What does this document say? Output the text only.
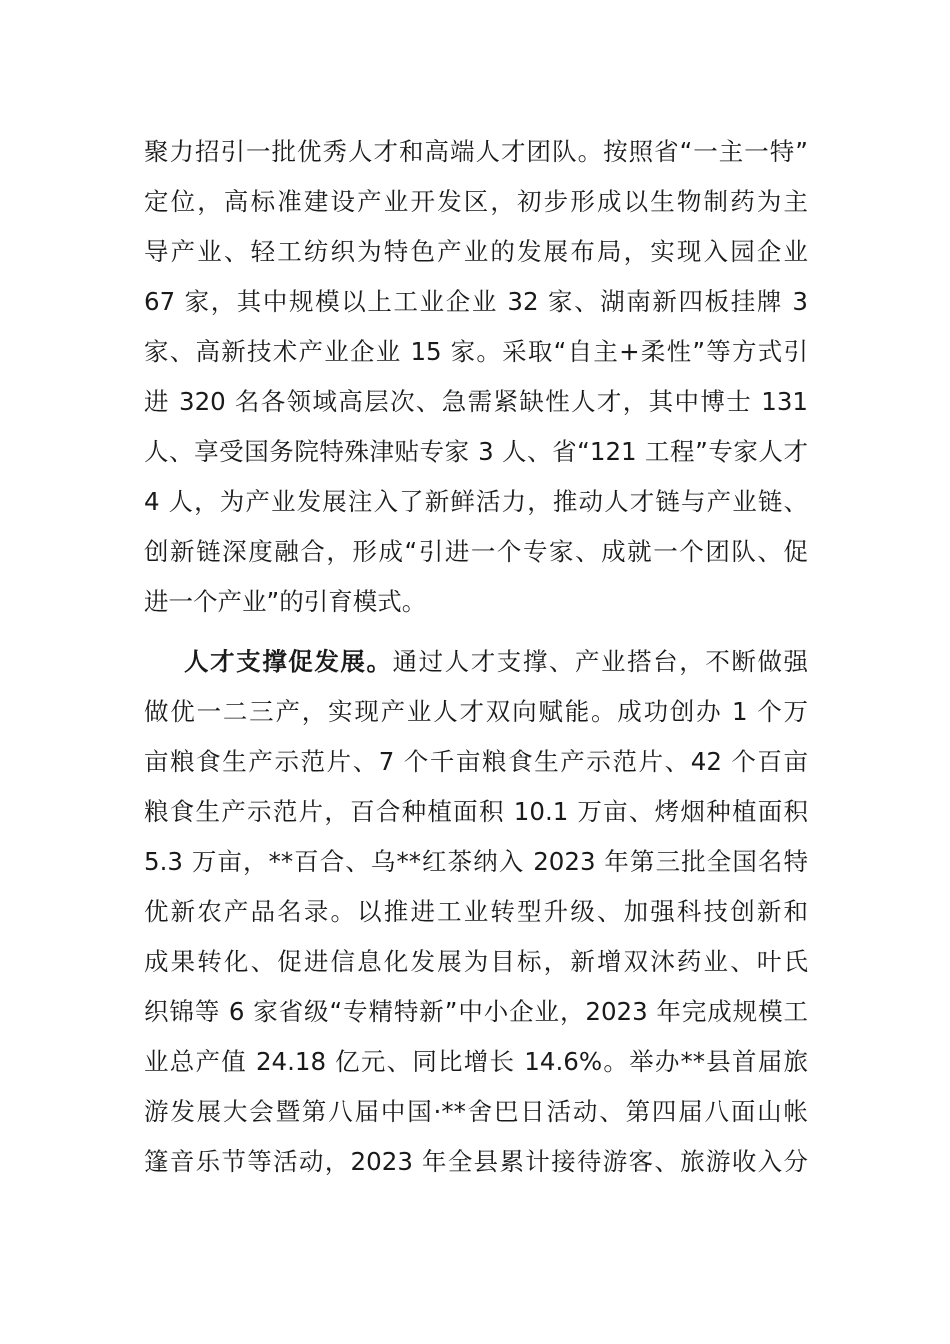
聚力招引一批优秀人才和高端人才团队。按照省“一主一特”
定位，高标准建设产业开发区，初步形成以生物制药为主
导产业、轻工纺织为特色产业的发展布局，实现入园企业
67 家，其中规模以上工业企业 32 家、湖南新四板挂牌 3
家、高新技术产业企业 15 家。采取“自主+柔性”等方式引
进 320 名各领域高层次、急需紧缺性人才，其中博士 131
人、享受国务院特殊津贴专家 3 人、省“121 工程”专家人才
4 人，为产业发展注入了新鲜活力，推动人才链与产业链、
创新链深度融合，形成“引进一个专家、成就一个团队、促
进一个产业”的引育模式。
人才支撑促发展。通过人才支撑、产业搭台，不断做强
做优一二三产，实现产业人才双向赋能。成功创办 1 个万
亩粮食生产示范片、7 个千亩粮食生产示范片、42 个百亩
粮食生产示范片，百合种植面积 10.1 万亩、烤烟种植面积
5.3 万亩，**百合、乌**红茶纳入 2023 年第三批全国名特
优新农产品名录。以推进工业转型升级、加强科技创新和
成果转化、促进信息化发展为目标，新增双沐药业、叶氏
织锦等 6 家省级“专精特新”中小企业，2023 年完成规模工
业总产值 24.18 亿元、同比增长 14.6%。举办**县首届旅
游发展大会暨第八届中国·**舍巴日活动、第四届八面山帐
篷音乐节等活动，2023 年全县累计接待游客、旅游收入分
